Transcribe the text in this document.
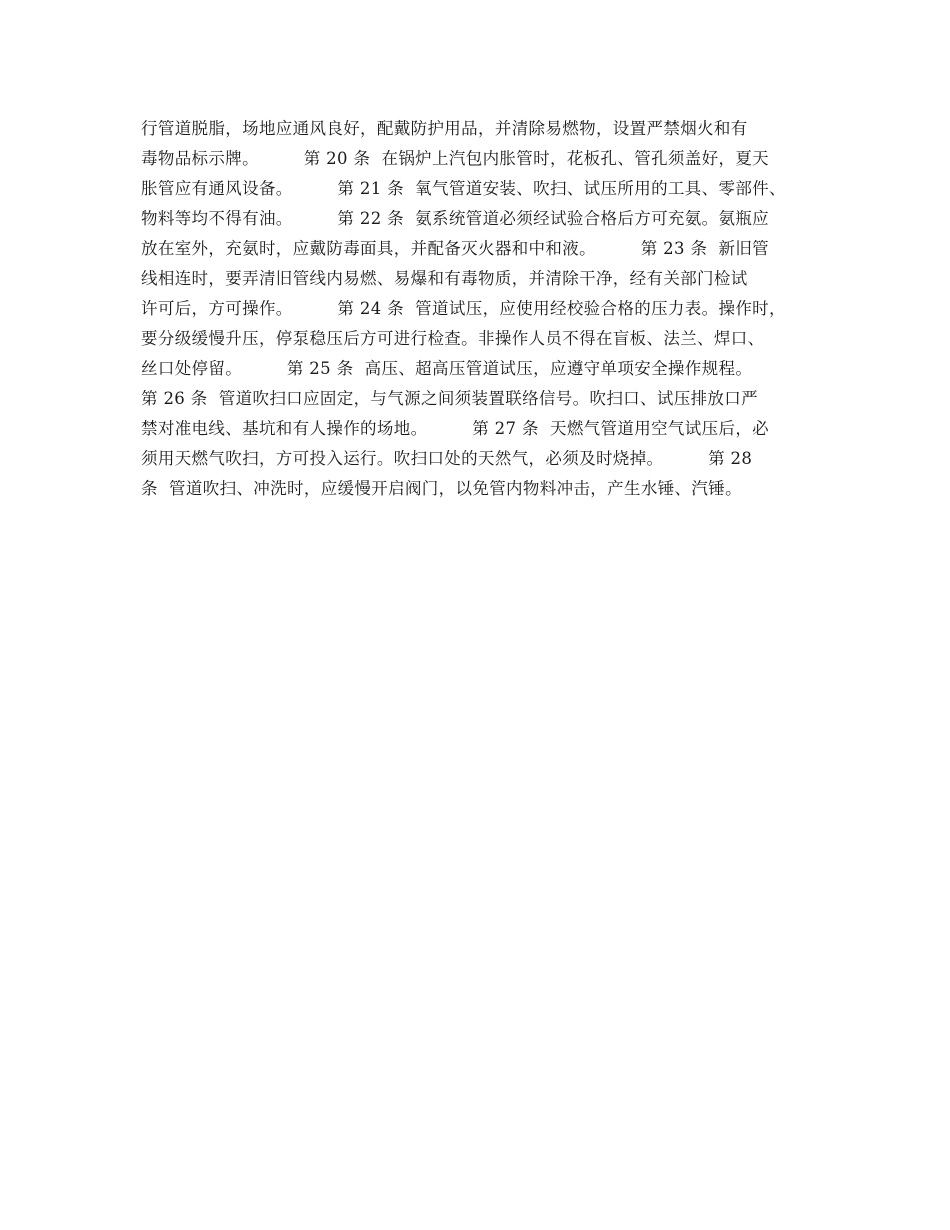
行管道脱脂，场地应通风良好，配戴防护用品，并清除易燃物，设置严禁烟火和有
毒物品标示牌。        第 20 条  在锅炉上汽包内胀管时，花板孔、管孔须盖好，夏天
胀管应有通风设备。        第 21 条  氧气管道安装、吹扫、试压所用的工具、零部件、
物料等均不得有油。        第 22 条  氨系统管道必须经试验合格后方可充氨。氨瓶应
放在室外，充氨时，应戴防毒面具，并配备灭火器和中和液。        第 23 条  新旧管
线相连时，要弄清旧管线内易燃、易爆和有毒物质，并清除干净，经有关部门检试
许可后，方可操作。        第 24 条  管道试压，应使用经校验合格的压力表。操作时，
要分级缓慢升压，停泵稳压后方可进行检查。非操作人员不得在盲板、法兰、焊口、
丝口处停留。        第 25 条  高压、超高压管道试压，应遵守单项安全操作规程。
第 26 条  管道吹扫口应固定，与气源之间须装置联络信号。吹扫口、试压排放口严
禁对准电线、基坑和有人操作的场地。        第 27 条  天燃气管道用空气试压后，必
须用天燃气吹扫，方可投入运行。吹扫口处的天然气，必须及时烧掉。        第 28
条  管道吹扫、冲洗时，应缓慢开启阀门，以免管内物料冲击，产生水锤、汽锤。
